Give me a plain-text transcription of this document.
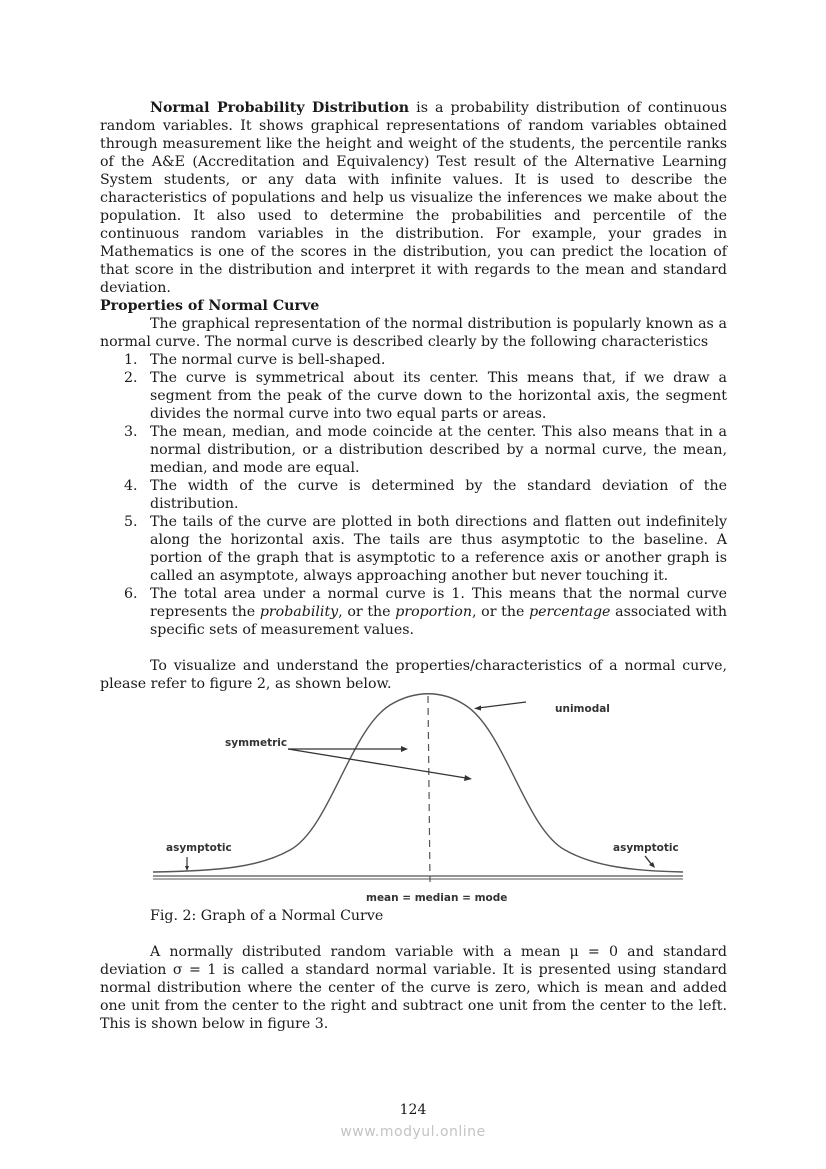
Normal Probability Distribution is a probability distribution of continuous random variables. It shows graphical representations of random variables obtained through measurement like the height and weight of the students, the percentile ranks of the A&E (Accreditation and Equivalency) Test result of the Alternative Learning System students, or any data with infinite values. It is used to describe the characteristics of populations and help us visualize the inferences we make about the population. It also used to determine the probabilities and percentile of the continuous random variables in the distribution. For example, your grades in Mathematics is one of the scores in the distribution, you can predict the location of that score in the distribution and interpret it with regards to the mean and standard deviation.

Properties of Normal Curve

The graphical representation of the normal distribution is popularly known as a normal curve. The normal curve is described clearly by the following characteristics

1. The normal curve is bell-shaped.
2. The curve is symmetrical about its center. This means that, if we draw a segment from the peak of the curve down to the horizontal axis, the segment divides the normal curve into two equal parts or areas.
3. The mean, median, and mode coincide at the center. This also means that in a normal distribution, or a distribution described by a normal curve, the mean, median, and mode are equal.
4. The width of the curve is determined by the standard deviation of the distribution.
5. The tails of the curve are plotted in both directions and flatten out indefinitely along the horizontal axis. The tails are thus asymptotic to the baseline. A portion of the graph that is asymptotic to a reference axis or another graph is called an asymptote, always approaching another but never touching it.
6. The total area under a normal curve is 1. This means that the normal curve represents the probability, or the proportion, or the percentage associated with specific sets of measurement values.

To visualize and understand the properties/characteristics of a normal curve, please refer to figure 2, as shown below.

unimodal
symmetric
asymptotic	asymptotic
mean = median = mode
Fig. 2: Graph of a Normal Curve

A normally distributed random variable with a mean μ = 0 and standard deviation σ = 1 is called a standard normal variable. It is presented using standard normal distribution where the center of the curve is zero, which is mean and added one unit from the center to the right and subtract one unit from the center to the left. This is shown below in figure 3.

124
www.modyul.online
